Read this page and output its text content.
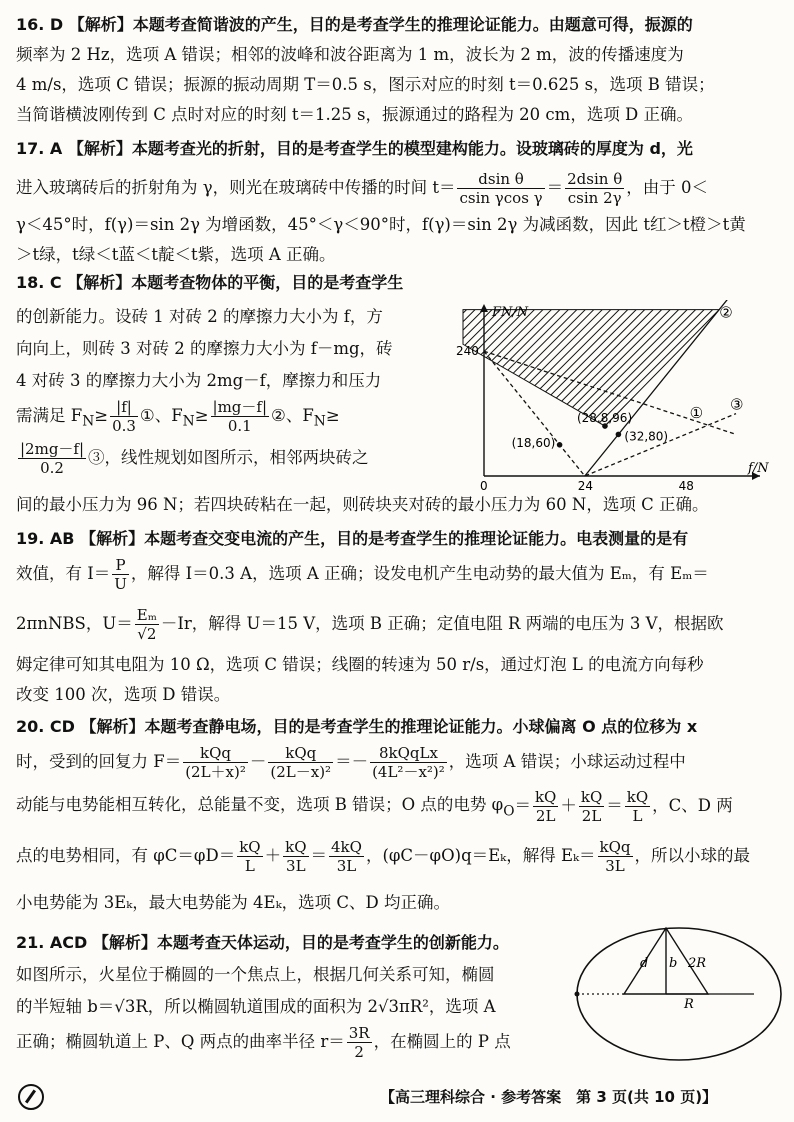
16. D 【解析】本题考查简谐波的产生，目的是考查学生的推理论证能力。由题意可得，振源的
频率为 2 Hz，选项 A 错误；相邻的波峰和波谷距离为 1 m，波长为 2 m，波的传播速度为
4 m/s，选项 C 错误；振源的振动周期 T＝0.5 s，图示对应的时刻 t＝0.625 s，选项 B 错误；
当简谐横波刚传到 C 点时对应的时刻 t＝1.25 s，振源通过的路程为 20 cm，选项 D 正确。
17. A 【解析】本题考查光的折射，目的是考查学生的模型建构能力。设玻璃砖的厚度为 d，光
进入玻璃砖后的折射角为 γ，则光在玻璃砖中传播的时间 $t= \frac{\text{dsin θ}}{\text{csin γcos γ}} = \frac{\text{2dsin θ}}{csin 2\gamma}$ ，由于 0＜
γ＜45°时，f(γ)＝sin 2γ 为增函数，45°＜γ＜90°时，f(γ)＝sin 2γ 为减函数，因此 t红＞t橙＞t黄
＞t绿，t绿＜t蓝＜t靛＜t紫，选项 A 正确。
18. C 【解析】本题考查物体的平衡，目的是考查学生
的创新能力。设砖 1 对砖 2 的摩擦力大小为 f，方
向向上，则砖 3 对砖 2 的摩擦力大小为 f－mg，砖
4 对砖 3 的摩擦力大小为 2mg－f，摩擦力和压力
需满足 $F_N\ge \frac{|f|}{0.3}$ ①、$F_N\ge \frac{|mg-f|}{0.1}$ ②、$F_N\ge$
$\frac{|2mg-f|}{0.2}$ ③，线性规划如图所示，相邻两块砖之
间的最小压力为 96 N；若四块砖粘在一起，则砖块夹对砖的最小压力为 60 N，选项 C 正确。
①
②
③
(28.8,96)
(18,60)	(32,80)
0	24	48
240
FN/N
f/N
19. AB 【解析】本题考查交变电流的产生，目的是考查学生的推理论证能力。电表测量的是有
效值，有 $I= \frac{P}{U}$ ，解得 I＝0.3 A，选项 A 正确；设发电机产生电动势的最大值为 Eₘ，有 Eₘ＝
2πnNBS，$U= \frac{\text{Eₘ}}{√2} -Ir$，解得 U＝15 V，选项 B 正确；定值电阻 R 两端的电压为 3 V，根据欧
姆定律可知其电阻为 10 Ω，选项 C 错误；线圈的转速为 50 r/s，通过灯泡 L 的电流方向每秒
改变 100 次，选项 D 错误。
20. CD 【解析】本题考查静电场，目的是考查学生的推理论证能力。小球偏离 O 点的位移为 x
时，受到的回复力 $F= \frac{\text{kQq}}{\text{(2L＋x)²}} - \frac{\text{kQq}}{\text{(2L－x)²}} =- \frac{\text{8kQqLx}}{\text{(4L²－x²)²}}$ ，选项 A 错误；小球运动过程中
动能与电势能相互转化，总能量不变，选项 B 错误；O 点的电势 φ $_O= \frac{kQ}{2L} + \frac{kQ}{2L} = \frac{kQ}{L}$ ，C、D 两
点的电势相同，有 $\varphi C=\varphi D= \frac{kQ}{L} + \frac{kQ}{3L} = \frac{4kQ}{3L}$ ，(φC－φO)q＝Eₖ，解得 $E_k= \frac{\text{kQq}}{3L}$ ，所以小球的最
小电势能为 3Eₖ，最大电势能为 4Eₖ，选项 C、D 均正确。
21. ACD 【解析】本题考查天体运动，目的是考查学生的创新能力。
如图所示，火星位于椭圆的一个焦点上，根据几何关系可知，椭圆
的半短轴 b＝√3R，所以椭圆轨道围成的面积为 2√3πR²，选项 A
正确；椭圆轨道上 P、Q 两点的曲率半径 $r= \frac{3R}{2}$ ，在椭圆上的 P 点
d b 2R
R
【高三理科综合 · 参考答案　第 3 页(共 10 页)】
